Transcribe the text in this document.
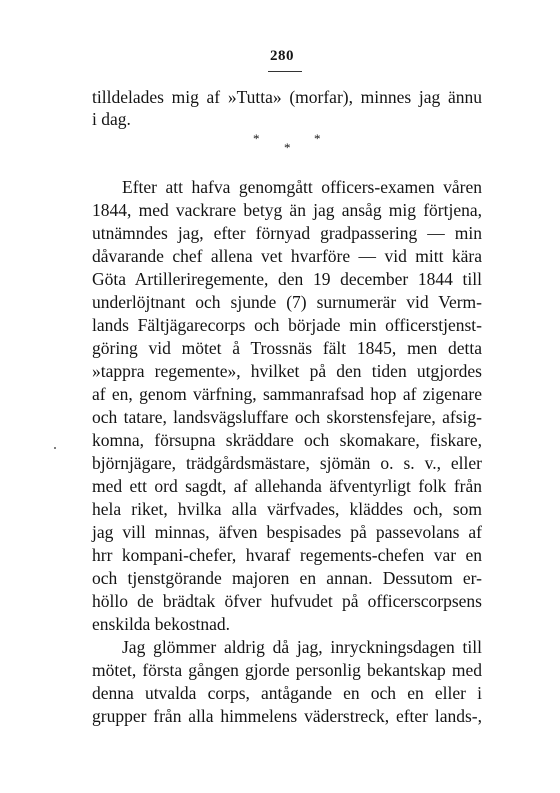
280
tilldelades mig af »Tutta» (morfar), minnes jag ännu
i dag.
*
*
*
Efter att hafva genomgått officers-examen våren
1844, med vackrare betyg än jag ansåg mig förtjena,
utnämndes jag, efter förnyad gradpassering — min
dåvarande chef allena vet hvarföre — vid mitt kära
Göta Artilleriregemente, den 19 december 1844 till
underlöjtnant och sjunde (7) surnumerär vid Verm-
lands Fältjägarecorps och började min officerstjenst-
göring vid mötet å Trossnäs fält 1845, men detta
»tappra regemente», hvilket på den tiden utgjordes
af en, genom värfning, sammanrafsad hop af zigenare
och tatare, landsvägsluffare och skorstensfejare, afsig-
komna, försupna skräddare och skomakare, fiskare,
björnjägare, trädgårdsmästare, sjömän o. s. v., eller
med ett ord sagdt, af allehanda äfventyrligt folk från
hela riket, hvilka alla värfvades, kläddes och, som
jag vill minnas, äfven bespisades på passevolans af
hrr kompani-chefer, hvaraf regements-chefen var en
och tjenstgörande majoren en annan. Dessutom er-
höllo de brädtak öfver hufvudet på officerscorpsens
enskilda bekostnad.
Jag glömmer aldrig då jag, inryckningsdagen till
mötet, första gången gjorde personlig bekantskap med
denna utvalda corps, antågande en och en eller i
grupper från alla himmelens väderstreck, efter lands-,
